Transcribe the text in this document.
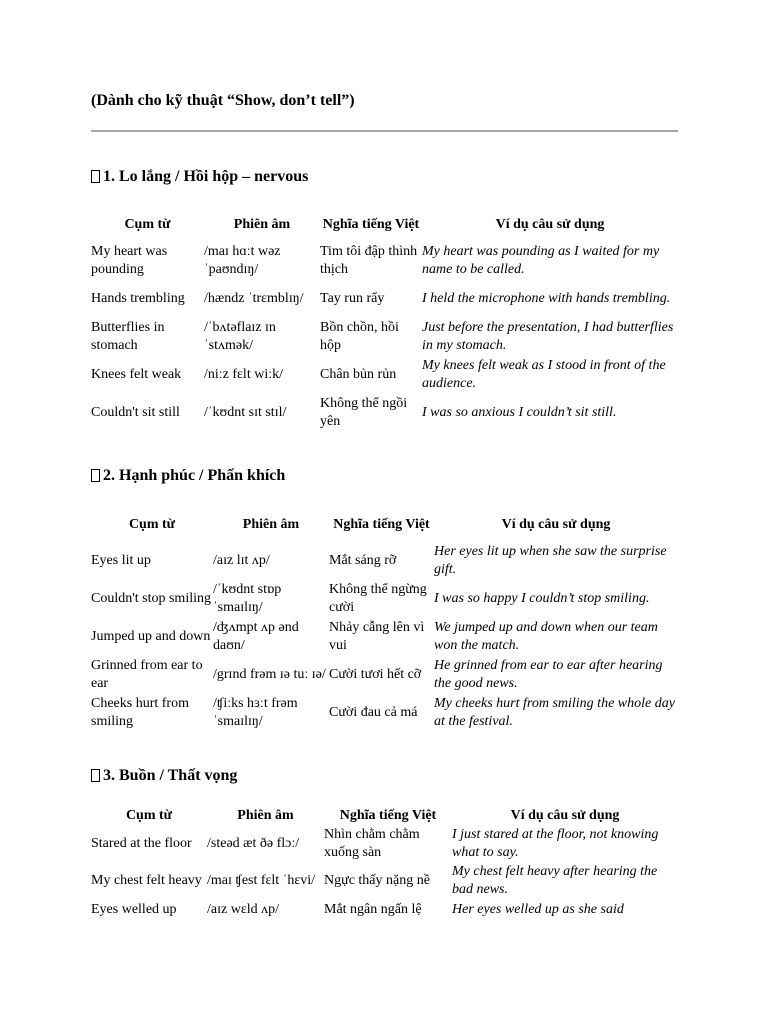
(Dành cho kỹ thuật “Show, don’t tell”)
1. Lo lắng / Hồi hộp – nervous
Cụm từ	Phiên âm	Nghĩa tiếng Việt	Ví dụ câu sử dụng
My heart was pounding	/maɪ hɑːt wəz ˈpaʊndɪŋ/	Tim tôi đập thình thịch	My heart was pounding as I waited for my name to be called.
Hands trembling	/hændz ˈtrɛmblɪŋ/	Tay run rẩy	I held the microphone with hands trembling.
Butterflies in stomach	/ˈbʌtəflaɪz ɪn ˈstʌmək/	Bồn chồn, hồi hộp	Just before the presentation, I had butterflies in my stomach.
Knees felt weak	/niːz fɛlt wiːk/	Chân bủn rủn	My knees felt weak as I stood in front of the audience.
Couldn't sit still	/ˈkʊdnt sɪt stɪl/	Không thể ngồi yên	I was so anxious I couldn’t sit still.
2. Hạnh phúc / Phấn khích
Cụm từ	Phiên âm	Nghĩa tiếng Việt	Ví dụ câu sử dụng
Eyes lit up	/aɪz lɪt ʌp/	Mắt sáng rỡ	Her eyes lit up when she saw the surprise gift.
Couldn't stop smiling	/ˈkʊdnt stɒp ˈsmaɪlɪŋ/	Không thể ngừng cười	I was so happy I couldn’t stop smiling.
Jumped up and down	/ʤʌmpt ʌp ənd daʊn/	Nhảy cẫng lên vì vui	We jumped up and down when our team won the match.
Grinned from ear to ear	/grɪnd frəm ɪə tuː ɪə/	Cười tươi hết cỡ	He grinned from ear to ear after hearing the good news.
Cheeks hurt from smiling	/ʧiːks hɜːt frəm ˈsmaɪlɪŋ/	Cười đau cả má	My cheeks hurt from smiling the whole day at the festival.
3. Buồn / Thất vọng
Cụm từ	Phiên âm	Nghĩa tiếng Việt	Ví dụ câu sử dụng
Stared at the floor	/steəd æt ðə flɔː/	Nhìn chằm chằm xuống sàn	I just stared at the floor, not knowing what to say.
My chest felt heavy	/maɪ ʧest fɛlt ˈhɛvi/	Ngực thấy nặng nề	My chest felt heavy after hearing the bad news.
Eyes welled up	/aɪz wɛld ʌp/	Mắt ngân ngấn lệ	Her eyes welled up as she said
